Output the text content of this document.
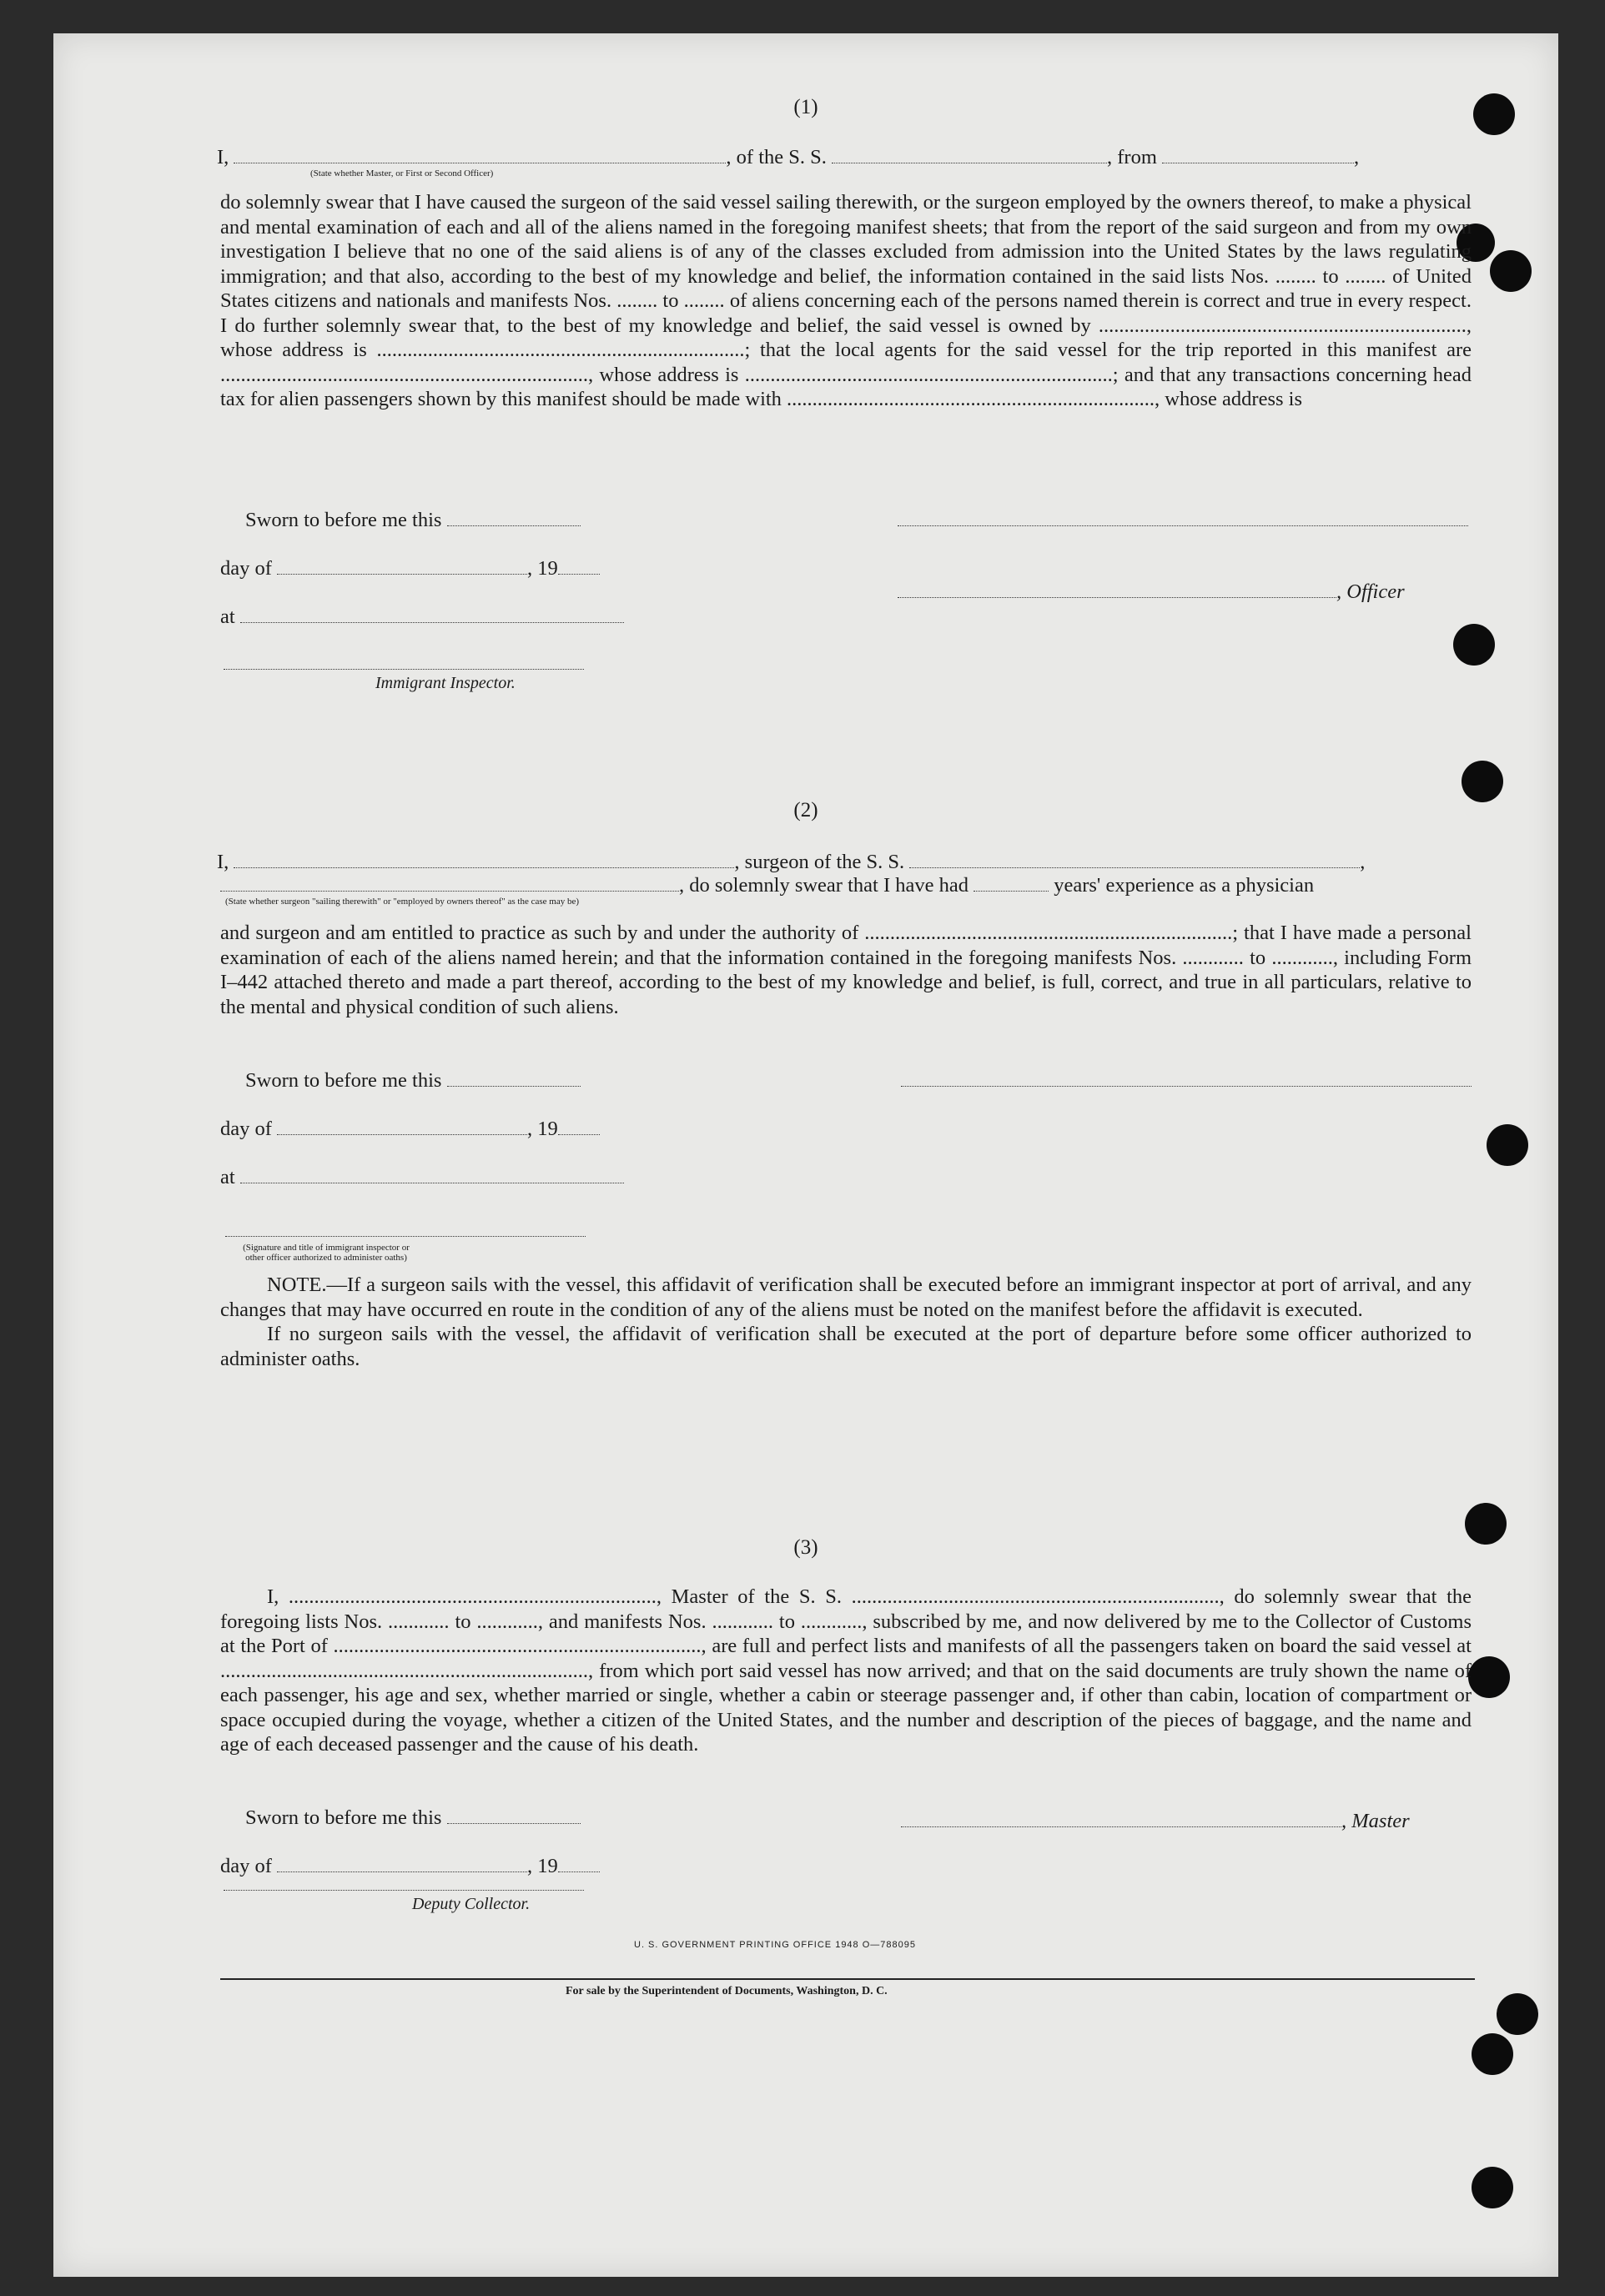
(1)
I,	, of the S. S.	, from	,
(State whether Master, or First or Second Officer)

do solemnly swear that I have caused the surgeon of the said vessel sailing therewith, or the surgeon employed by the owners thereof, to make a physical and mental examination of each and all of the aliens named in the foregoing manifest sheets; that from the report of the said surgeon and from my own investigation I believe that no one of the said aliens is of any of the classes excluded from admission into the United States by the laws regulating immigration; and that also, according to the best of my knowledge and belief, the information contained in the said lists Nos. ........ to ........ of United States citizens and nationals and manifests Nos. ........ to ........ of aliens concerning each of the persons named therein is correct and true in every respect. I do further solemnly swear that, to the best of my knowledge and belief, the said vessel is owned by ........................................................................, whose address is ........................................................................; that the local agents for the said vessel for the trip reported in this manifest are ........................................................................, whose address is ........................................................................; and that any transactions concerning head tax for alien passengers shown by this manifest should be made with ........................................................................, whose address is

Sworn to before me this
day of	, 19
, Officer
at
Immigrant Inspector.
(2)
I,	, surgeon of the S. S.	,
, do solemnly swear that I have had	years' experience as a physician
(State whether surgeon "sailing therewith" or "employed by owners thereof" as the case may be)

and surgeon and am entitled to practice as such by and under the authority of ........................................................................; that I have made a personal examination of each of the aliens named herein; and that the information contained in the foregoing manifests Nos. ............ to ............, including Form I–442 attached thereto and made a part thereof, according to the best of my knowledge and belief, is full, correct, and true in all particulars, relative to the mental and physical condition of such aliens.

Sworn to before me this
day of	, 19
at
(Signature and title of immigrant inspector or other officer authorized to administer oaths)

NOTE.—If a surgeon sails with the vessel, this affidavit of verification shall be executed before an immigrant inspector at port of arrival, and any changes that may have occurred en route in the condition of any of the aliens must be noted on the manifest before the affidavit is executed.

If no surgeon sails with the vessel, the affidavit of verification shall be executed at the port of departure before some officer authorized to administer oaths.

(3)

I, ........................................................................, Master of the S. S. ........................................................................, do solemnly swear that the foregoing lists Nos. ............ to ............, and manifests Nos. ............ to ............, subscribed by me, and now delivered by me to the Collector of Customs at the Port of ........................................................................, are full and perfect lists and manifests of all the passengers taken on board the said vessel at ........................................................................, from which port said vessel has now arrived; and that on the said documents are truly shown the name of each passenger, his age and sex, whether married or single, whether a cabin or steerage passenger and, if other than cabin, location of compartment or space occupied during the voyage, whether a citizen of the United States, and the number and description of the pieces of baggage, and the name and age of each deceased passenger and the cause of his death.

Sworn to before me this	, Master
day of	, 19
Deputy Collector.
U. S. GOVERNMENT PRINTING OFFICE 1948 O—788095
For sale by the Superintendent of Documents, Washington, D. C.
